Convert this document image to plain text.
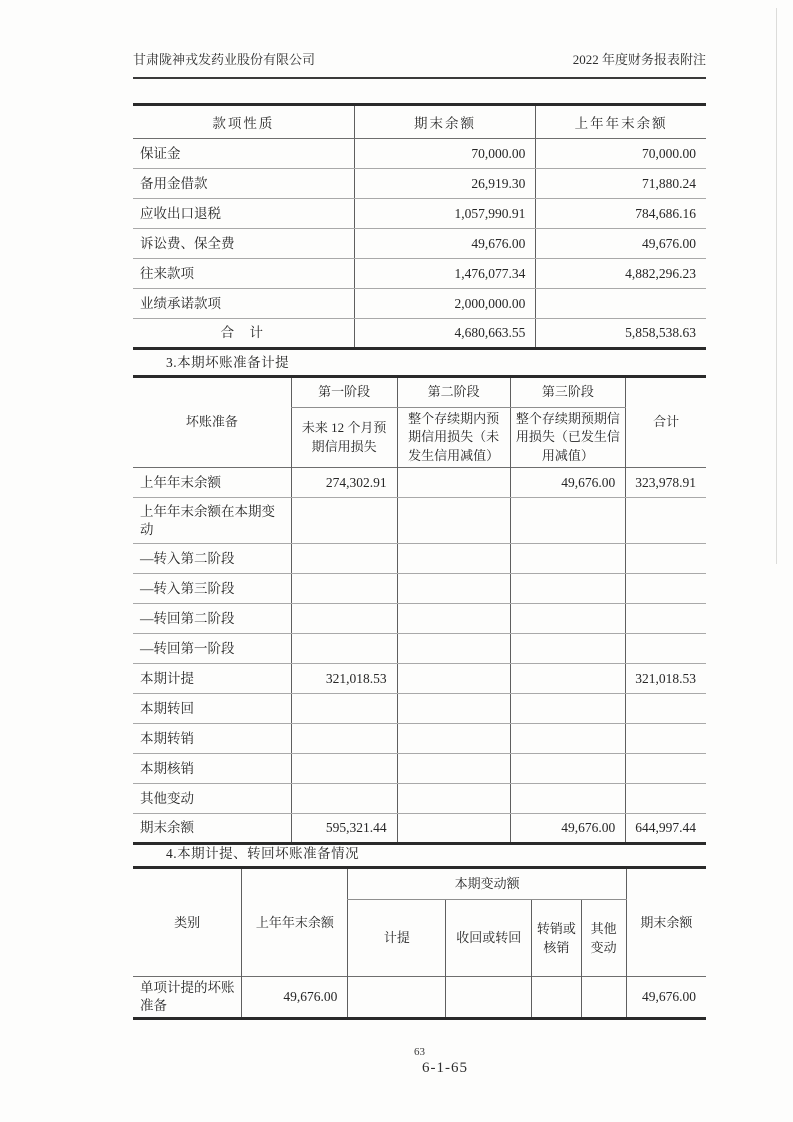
甘肃陇神戎发药业股份有限公司	2022 年度财务报表附注
款项性质	期末余额	上年年末余额
保证金	70,000.00	70,000.00
备用金借款	26,919.30	71,880.24
应收出口退税	1,057,990.91	784,686.16
诉讼费、保全费	49,676.00	49,676.00
往来款项	1,476,077.34	4,882,296.23
业绩承诺款项	2,000,000.00	
合 计	4,680,663.55	5,858,538.63
3.本期坏账准备计提
坏账准备	第一阶段	第二阶段	第三阶段	合计
	未来 12 个月预期信用损失	整个存续期内预期信用损失（未发生信用减值）	整个存续期预期信用损失（已发生信用减值）	
上年年末余额	274,302.91		49,676.00	323,978.91
上年年末余额在本期变动				
—转入第二阶段				
—转入第三阶段				
—转回第二阶段				
—转回第一阶段				
本期计提	321,018.53			321,018.53
本期转回				
本期转销				
本期核销				
其他变动				
期末余额	595,321.44		49,676.00	644,997.44
4.本期计提、转回坏账准备情况
类别	上年年末余额	本期变动额				期末余额
		计提	收回或转回	转销或核销	其他变动	
单项计提的坏账准备	49,676.00					49,676.00
63
6-1-65
